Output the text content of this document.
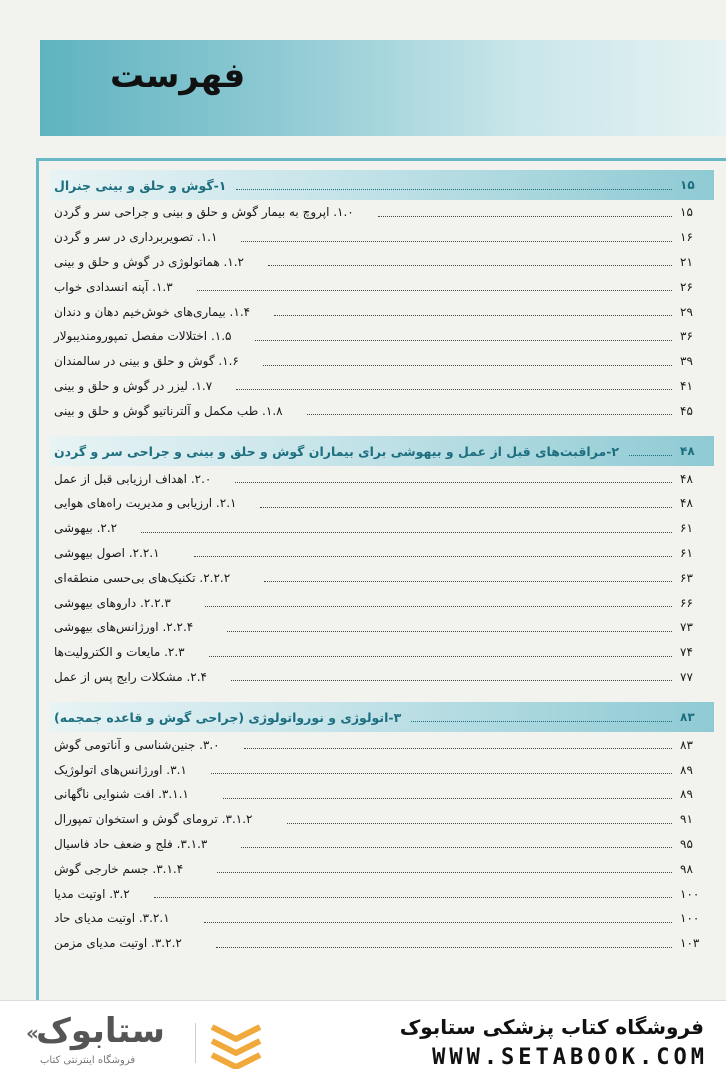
فهرست
۱-گوش و حلق و بینی جنرال	۱۵
۱.۰. اپروچ به بیمار گوش و حلق و بینی و جراحی سر و گردن	۱۵
۱.۱. تصویربرداری در سر و گردن	۱۶
۱.۲. هماتولوژی در گوش و حلق و بینی	۲۱
۱.۳. آپنه انسدادی خواب	۲۶
۱.۴. بیماری‌های خوش‌خیم دهان و دندان	۲۹
۱.۵. اختلالات مفصل تمپورومندیبولار	۳۶
۱.۶. گوش و حلق و بینی در سالمندان	۳۹
۱.۷. لیزر در گوش و حلق و بینی	۴۱
۱.۸. طب مکمل و آلترناتیو گوش و حلق و بینی	۴۵
۲-مراقبت‌های قبل از عمل و بیهوشی برای بیماران گوش و حلق و بینی و جراحی سر و گردن	۴۸
۲.۰. اهداف ارزیابی قبل از عمل	۴۸
۲.۱. ارزیابی و مدیریت راه‌های هوایی	۴۸
۲.۲. بیهوشی	۶۱
۲.۲.۱. اصول بیهوشی	۶۱
۲.۲.۲. تکنیک‌های بی‌حسی منطقه‌ای	۶۳
۲.۲.۳. داروهای بیهوشی	۶۶
۲.۲.۴. اورژانس‌های بیهوشی	۷۳
۲.۳. مایعات و الکترولیت‌ها	۷۴
۲.۴. مشکلات رایج پس از عمل	۷۷
۳-اتولوژی و نورواتولوژی (جراحی گوش و قاعده جمجمه)	۸۳
۳.۰. جنین‌شناسی و آناتومی گوش	۸۳
۳.۱. اورژانس‌های اتولوژیک	۸۹
۳.۱.۱. افت شنوایی ناگهانی	۸۹
۳.۱.۲. ترومای گوش و استخوان تمپورال	۹۱
۳.۱.۳. فلج و ضعف حاد فاسیال	۹۵
۳.۱.۴. جسم خارجی گوش	۹۸
۳.۲. اوتیت مدیا	۱۰۰
۳.۲.۱. اوتیت مدیای حاد	۱۰۰
۳.۲.۲. اوتیت مدیای مزمن	۱۰۳
«
ستابوک
فروشگاه اینترنتی کتاب
فروشگاه کتاب پزشکی ستابوک
WWW.SETABOOK.COM
